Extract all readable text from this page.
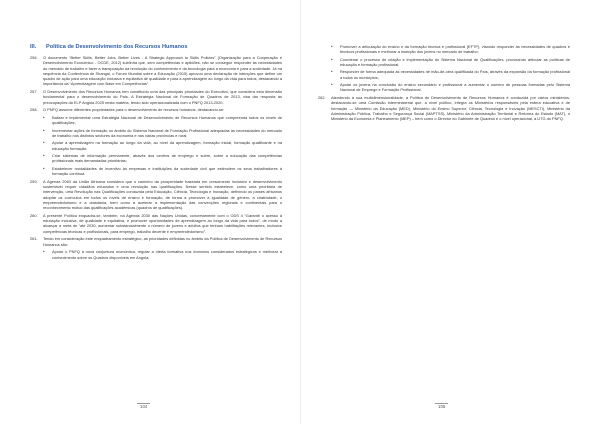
III.	Política de Desenvolvimento dos Recursos Humanos
256.	O documento “Better Skills, Better Jobs, Better Lives - A Strategic Approach to Skills Policies” (Organização para a Cooperação e Desenvolvimento Económico - OCDE, 2012) sublinha que, sem competências e aptidões, não se consegue responder às necessidades do mercado de trabalho e fazer a transposição da revolução do conhecimento e da tecnologia para a economia e para a sociedade. Já na sequência da Conferência de Shangai, o Fórum Mundial sobre a Educação (2015) aprovou uma declaração de intenções que define um quadro de ação para uma educação inclusiva e equitativa de qualidade e para a aprendizagem ao longo da vida para todos, destacando a importância da “Aprendizagem com Base em Competências”.
257.	O Desenvolvimento dos Recursos Humanos tem constituído uma das principais prioridades do Executivo, que considera esta dimensão fundamental para o desenvolvimento do País. A Estratégia Nacional de Formação de Quadros de 2013, visa dar resposta às preocupações da ELP Angola 2025 nesta matéria, tendo sido operacionalizada com o PNFQ 2013-2020.
258.	O PNFQ assume diferentes propriedades para o desenvolvimento de recursos humanos, destacando-se:
•	Balizar e implementar uma Estratégia Nacional de Desenvolvimento de Recursos Humanos que compreenda todos os níveis de qualificações;
•	Incrementar ações de formação no âmbito do Sistema Nacional de Formação Profissional adequadas às necessidades do mercado de trabalho nos distintos sectores da economia e nas várias províncias e rural;
•	Apoiar a aprendizagem na formação ao longo da vida, ao nível da aprendizagem, formação inicial, formação qualificante e na educação formação;
•	Criar sistemas de informação permanente, através dos centros de emprego e sobre, sobre a educação das competências profissionais mais demandadas prioritárias;
•	Estabelecer modalidades de incentivo às empresas e instituições da sociedade civil que estimulem os seus trabalhadores à formação contínua.
259.	A Agenda 2063 da União Africana considera que o caminho da prosperidade baseada em crescimento inclusivo e desenvolvimento sustentável requer cidadãos educados e uma revolução nas qualificações. Nesse sentido estabelece, como uma prioritária de intervenção, uma Revolução nas Qualificações conduzida pela Educação, Ciência, Tecnologia e Inovação, definindo os países africanos adoptar os currículos em todos os níveis de ensino e formação, de forma a promover a igualdade de género, a criatividade, o empreendedorismo e a cidadania, bem como a acelerar a implementação das convenções regionais e continentais para o reconhecimento mútuo das qualificações académicas (quadros de qualificações).
260.	A presente Política enquadra-se, também, na Agenda 2030 das Nações Unidas, concretamente com o ODS 4 “Garantir o acesso à educação inclusiva, de qualidade e equitativa, e promover oportunidades de aprendizagem ao longo da vida para todos”, de modo a alcançar a meta de “até 2030, aumentar substancialmente o número de jovens e adultos que tenham habilitações relevantes, inclusive competências técnicas e profissionais, para emprego, trabalho decente e empreendedorismo”.
261.	Tendo em consideração este enquadramento estratégico, as prioridades definidas no âmbito da Política de Desenvolvimento de Recursos Humanos são:
•	Apoiar o PNFQ à nova conjuntura económica, regular a oferta formativa nos domínios considerados estratégicos e melhorar a conhecimento sobre os Quadros disponíveis em Angola;
104
•	Promover a articulação do ensino e da formação técnica e profissional (EFTP), visando responder às necessidades de quadros e técnicos profissionais e melhorar a inserção dos jovens no mercado de trabalho;
•	Coordenar o processo de criação e implementação do Sistema Nacional de Qualificações, procurando articular as políticas de educação e formação profissional;
•	Responder de forma adequada às necessidades de mão-de-obra qualificada do País, através da expansão da formação profissional a todos os municípios;
•	Apoiar os jovens na conclusão do ensino secundário e profissional a aumentar o número de pessoas formadas pelo Sistema Nacional de Emprego e Formação Profissional.
262.	Atendendo à sua multidimensionalidade, a Política de Desenvolvimento de Recursos Humanos é conduzida por vários ministérios, destacando-se uma Comissão Interministerial que, a nível político, integra os Ministérios responsáveis pela esfera educativa e de formação — Ministério da Educação (MED), Ministério do Ensino Superior, Ciência, Tecnologia e Inovação (MESCTI), Ministério da Administração Pública, Trabalho e Segurança Social (MAPTSS), Ministério da Administração Territorial e Reforma do Estado (MAT), o Ministério da Economia e Planeamento (MEP) – bem como o Director do Gabinete de Quadros e o nível operacional, a UTG do PNFQ.
105
